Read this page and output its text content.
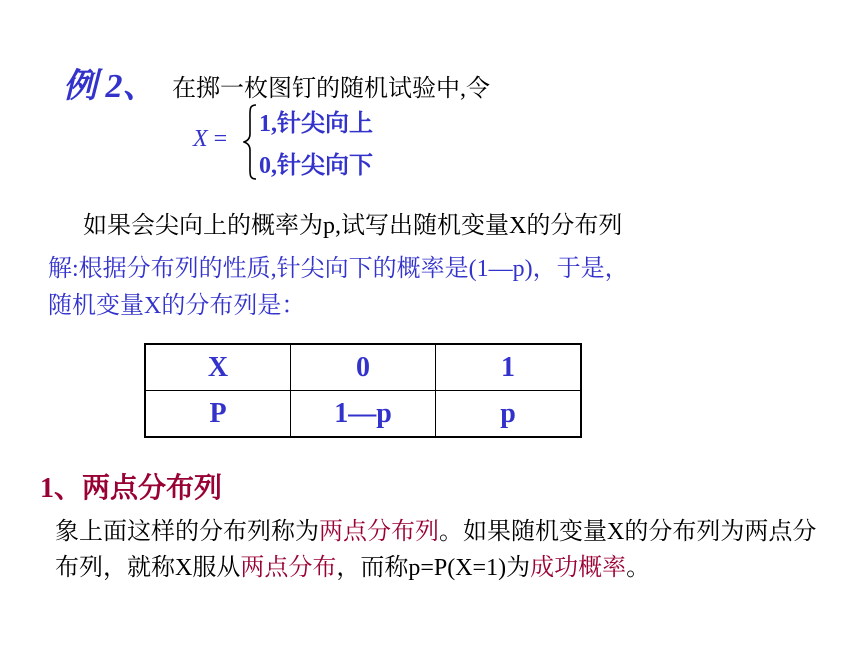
例 2、 在掷一枚图钉的随机试验中,令
X =
1,针尖向上
0,针尖向下
如果会尖向上的概率为p,试写出随机变量X的分布列
解:根据分布列的性质,针尖向下的概率是(1—p)，于是，
随机变量X的分布列是：
X	0	1
P	1—p	p
1、两点分布列
象上面这样的分布列称为两点分布列。如果随机变量X的分布列为两点分布列，就称X服从两点分布，而称p=P(X=1)为成功概率。
